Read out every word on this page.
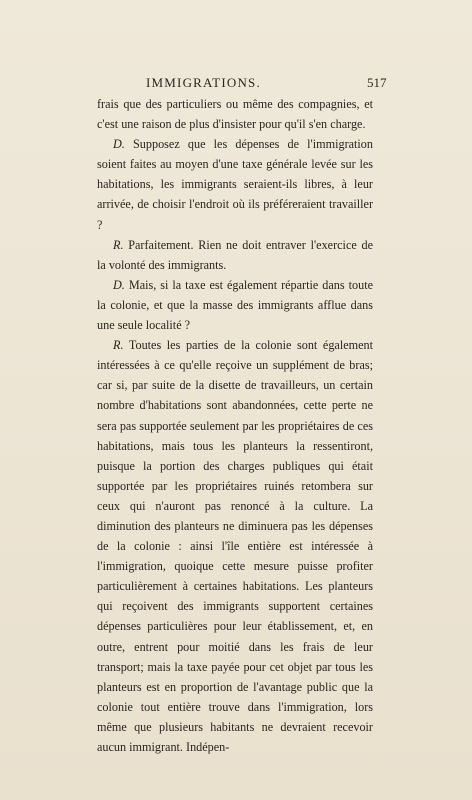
IMMIGRATIONS.	517

frais que des particuliers ou même des compagnies, et c'est une raison de plus d'insister pour qu'il s'en charge.

D. Supposez que les dépenses de l'immigration soient faites au moyen d'une taxe générale levée sur les habitations, les immigrants seraient-ils libres, à leur arrivée, de choisir l'endroit où ils préféreraient travailler ?

R. Parfaitement. Rien ne doit entraver l'exercice de la volonté des immigrants.

D. Mais, si la taxe est également répartie dans toute la colonie, et que la masse des immigrants afflue dans une seule localité ?

R. Toutes les parties de la colonie sont également intéressées à ce qu'elle reçoive un supplément de bras; car si, par suite de la disette de travailleurs, un certain nombre d'habitations sont abandonnées, cette perte ne sera pas supportée seulement par les propriétaires de ces habitations, mais tous les planteurs la ressentiront, puisque la portion des charges publiques qui était supportée par les propriétaires ruinés retombera sur ceux qui n'auront pas renoncé à la culture. La diminution des planteurs ne diminuera pas les dépenses de la colonie : ainsi l'île entière est intéressée à l'immigration, quoique cette mesure puisse profiter particulièrement à certaines habitations. Les planteurs qui reçoivent des immigrants supportent certaines dépenses particulières pour leur établissement, et, en outre, entrent pour moitié dans les frais de leur transport; mais la taxe payée pour cet objet par tous les planteurs est en proportion de l'avantage public que la colonie tout entière trouve dans l'immigration, lors même que plusieurs habitants ne devraient recevoir aucun immigrant. Indépen-
